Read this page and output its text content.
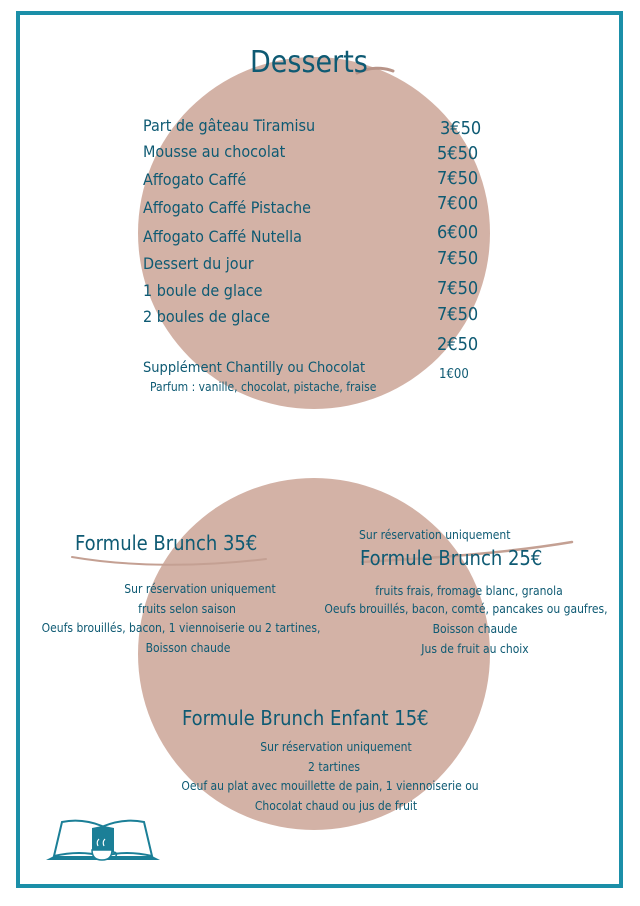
Desserts
Part de gâteau Tiramisu
Mousse au chocolat
Affogato Caffé
Affogato Caffé Pistache
Affogato Caffé Nutella
Dessert du jour
1 boule de glace
2 boules de glace
3€50
5€50
7€50
7€00
6€00
7€50
7€50
7€50
2€50
Supplément Chantilly ou Chocolat	1€00
Parfum : vanille, chocolat, pistache, fraise
Formule Brunch 35€
Sur réservation uniquement
fruits selon saison
Oeufs brouillés, bacon, 1 viennoiserie ou 2 tartines,
Boisson chaude
Sur réservation uniquement
Formule Brunch 25€
fruits frais, fromage blanc, granola
Oeufs brouillés, bacon, comté, pancakes ou gaufres,
Boisson chaude
Jus de fruit au choix
Formule Brunch Enfant 15€
Sur réservation uniquement
2 tartines
Oeuf au plat avec mouillette de pain, 1 viennoiserie ou
Chocolat chaud ou jus de fruit
